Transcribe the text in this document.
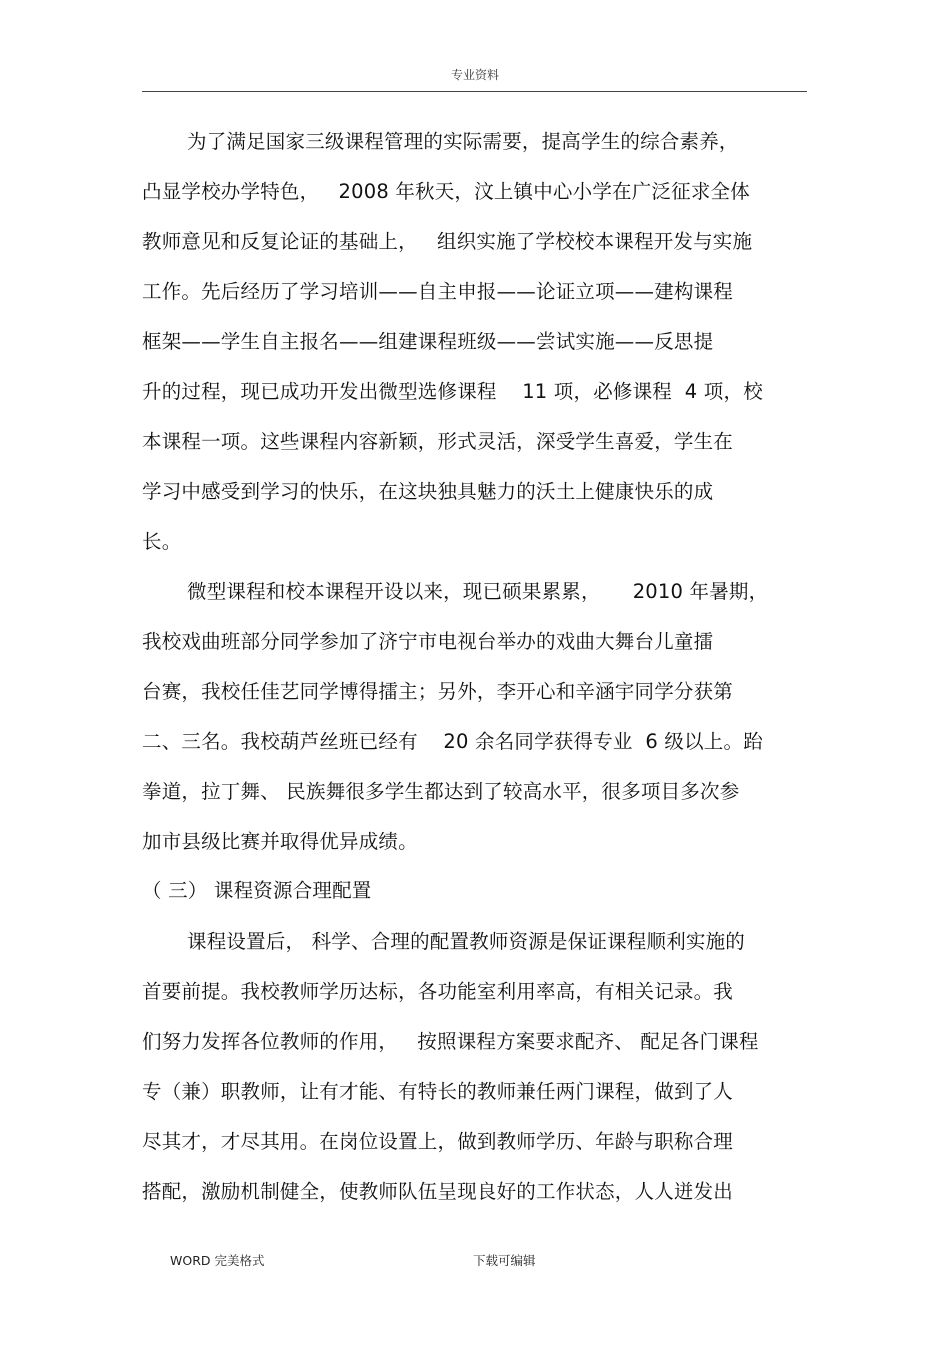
专业资料
为了满足国家三级课程管理的实际需要，提高学生的综合素养，
凸显学校办学特色，   2008 年秋天，汶上镇中心小学在广泛征求全体
教师意见和反复论证的基础上，   组织实施了学校校本课程开发与实施
工作。先后经历了学习培训——自主申报——论证立项——建构课程
框架——学生自主报名——组建课程班级——尝试实施——反思提
升的过程，现已成功开发出微型选修课程    11 项，必修课程  4 项，校
本课程一项。这些课程内容新颖，形式灵活，深受学生喜爱，学生在
学习中感受到学习的快乐，在这块独具魅力的沃土上健康快乐的成
长。
微型课程和校本课程开设以来，现已硕果累累，     2010 年暑期，
我校戏曲班部分同学参加了济宁市电视台举办的戏曲大舞台儿童擂
台赛，我校任佳艺同学博得擂主；另外，李开心和辛涵宇同学分获第
二、三名。我校葫芦丝班已经有    20 余名同学获得专业  6 级以上。跆
拳道，拉丁舞、 民族舞很多学生都达到了较高水平，很多项目多次参
加市县级比赛并取得优异成绩。
（ 三） 课程资源合理配置
课程设置后， 科学、合理的配置教师资源是保证课程顺利实施的
首要前提。我校教师学历达标，各功能室利用率高，有相关记录。我
们努力发挥各位教师的作用，   按照课程方案要求配齐、 配足各门课程
专（兼）职教师，让有才能、有特长的教师兼任两门课程，做到了人
尽其才，才尽其用。在岗位设置上，做到教师学历、年龄与职称合理
搭配，激励机制健全，使教师队伍呈现良好的工作状态，人人迸发出
WORD 完美格式	下载可编辑
